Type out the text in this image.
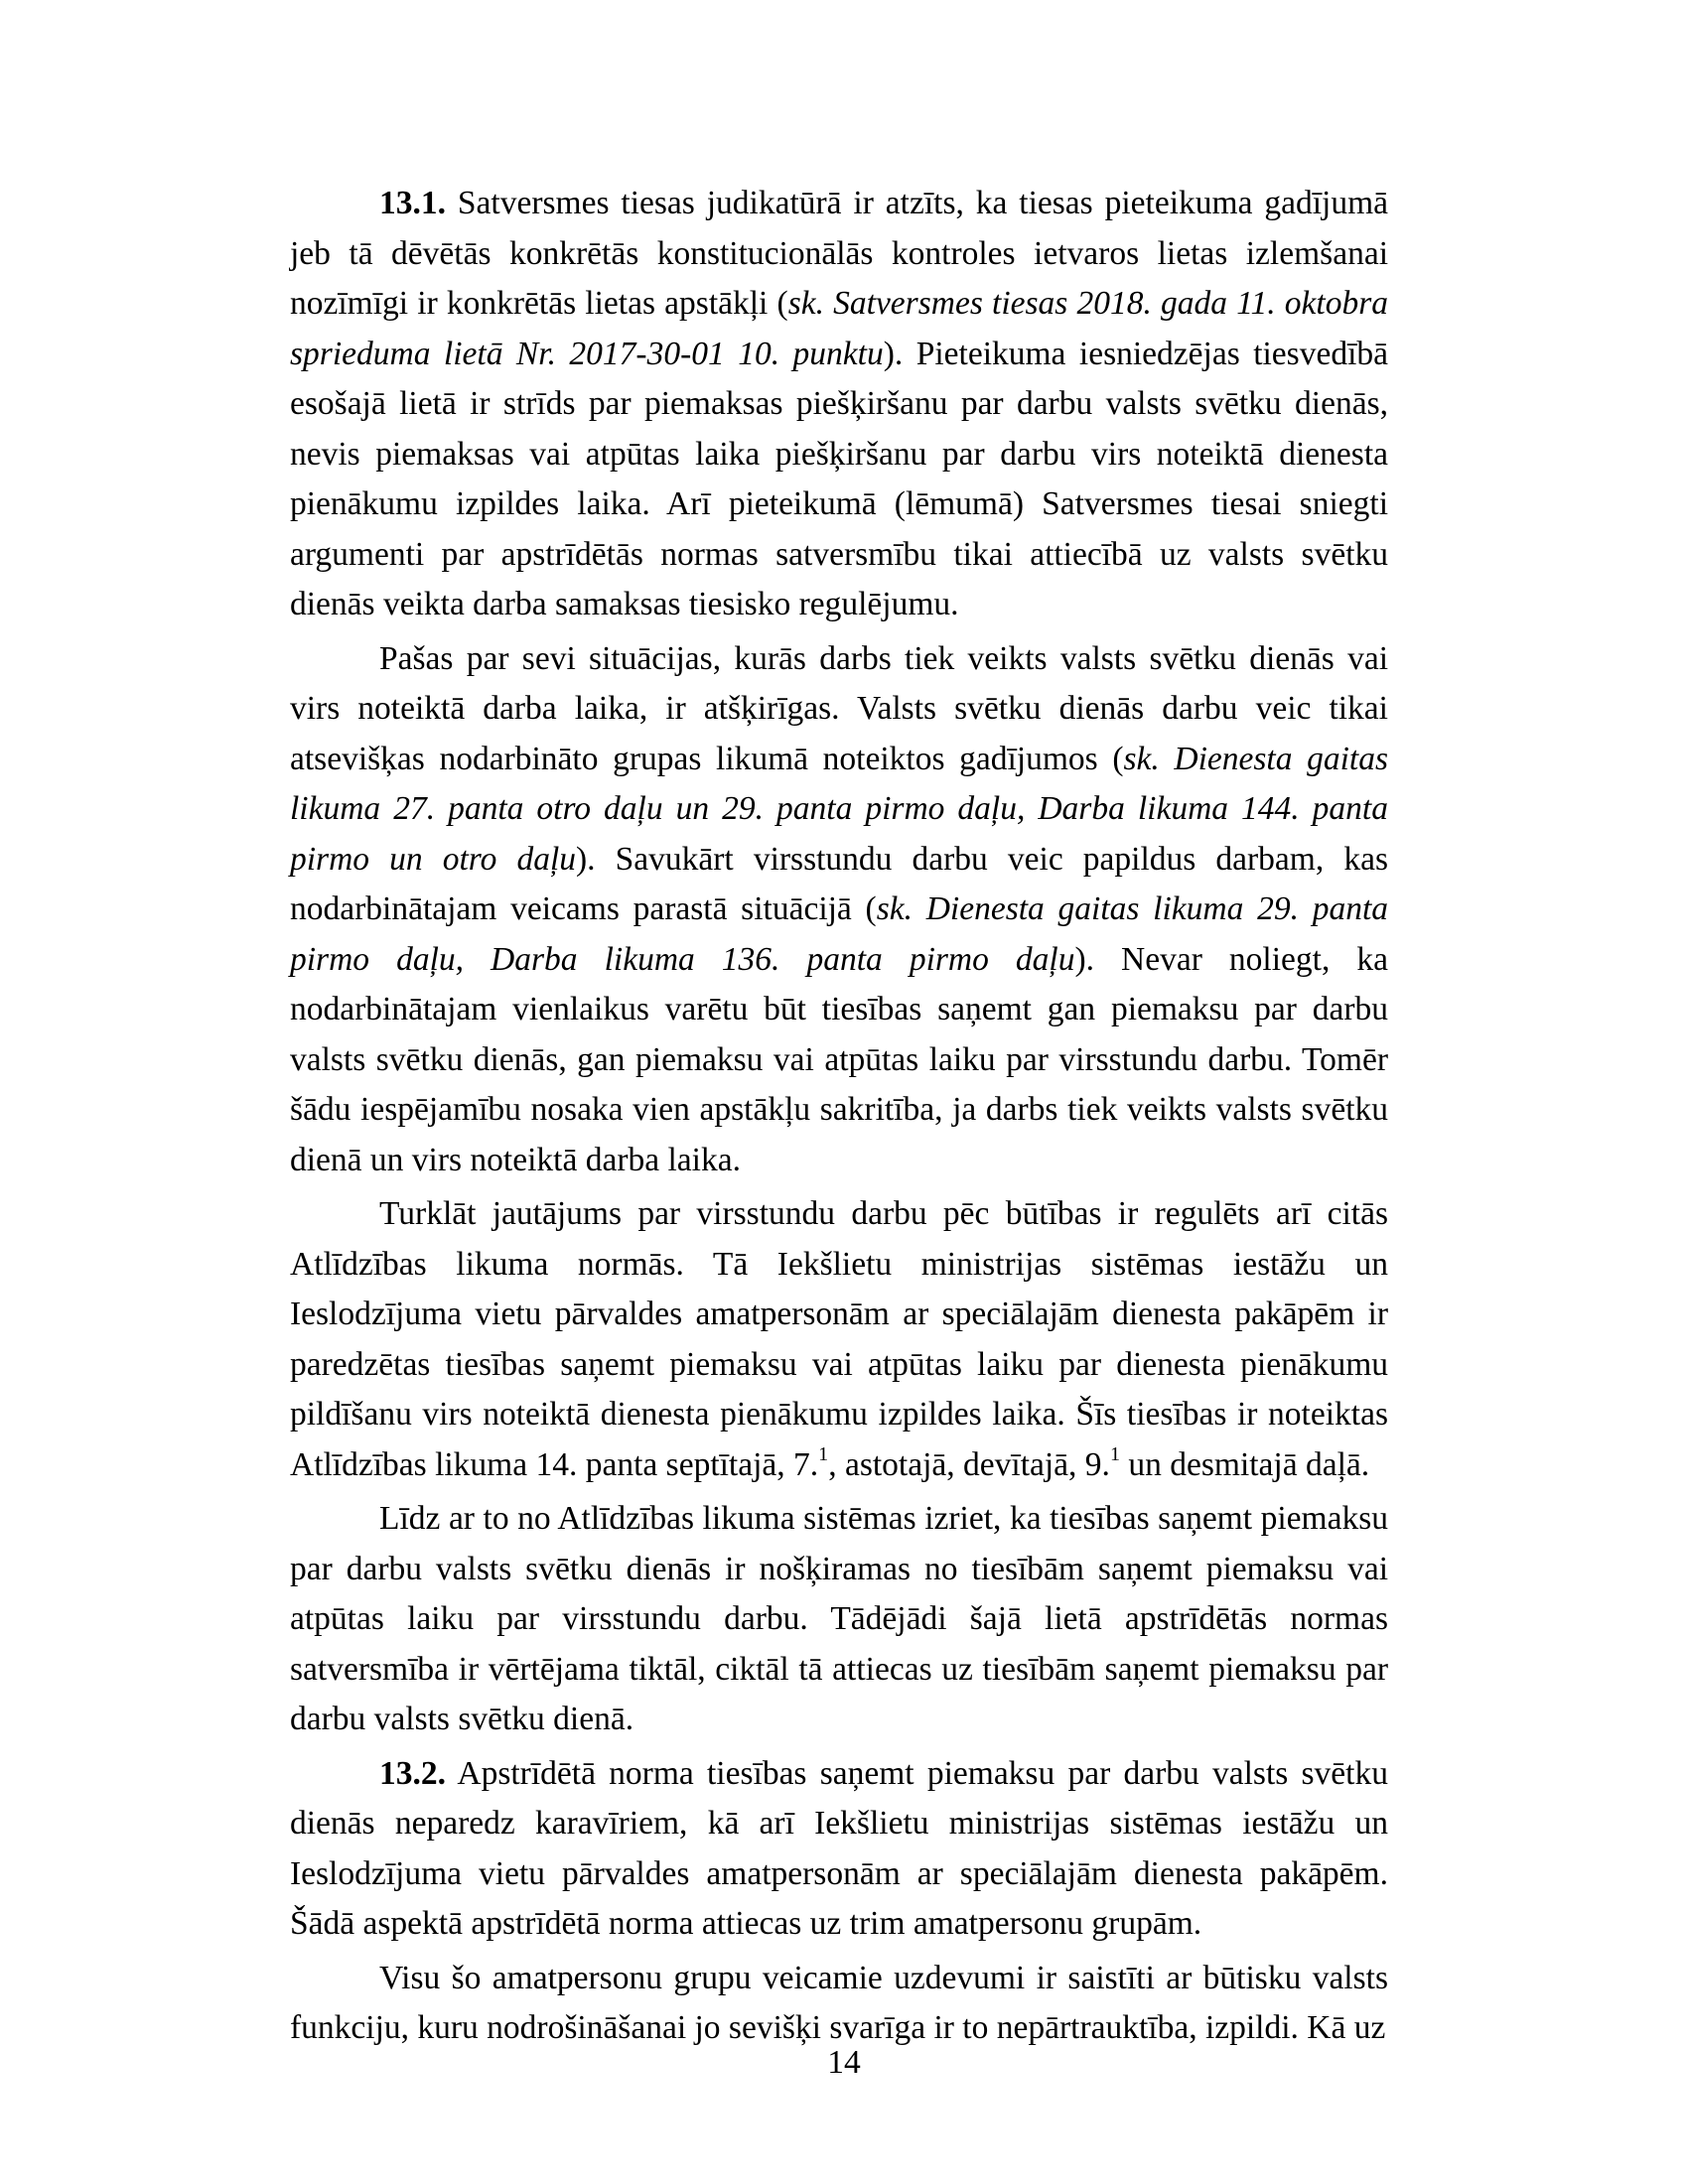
13.1. Satversmes tiesas judikatūrā ir atzīts, ka tiesas pieteikuma gadījumā jeb tā dēvētās konkrētās konstitucionālās kontroles ietvaros lietas izlemšanai nozīmīgi ir konkrētās lietas apstākļi (sk. Satversmes tiesas 2018. gada 11. oktobra sprieduma lietā Nr. 2017-30-01 10. punktu). Pieteikuma iesniedzējas tiesvedībā esošajā lietā ir strīds par piemaksas piešķiršanu par darbu valsts svētku dienās, nevis piemaksas vai atpūtas laika piešķiršanu par darbu virs noteiktā dienesta pienākumu izpildes laika. Arī pieteikumā (lēmumā) Satversmes tiesai sniegti argumenti par apstrīdētās normas satversmību tikai attiecībā uz valsts svētku dienās veikta darba samaksas tiesisko regulējumu.

Pašas par sevi situācijas, kurās darbs tiek veikts valsts svētku dienās vai virs noteiktā darba laika, ir atšķirīgas. Valsts svētku dienās darbu veic tikai atsevišķas nodarbināto grupas likumā noteiktos gadījumos (sk. Dienesta gaitas likuma 27. panta otro daļu un 29. panta pirmo daļu, Darba likuma 144. panta pirmo un otro daļu). Savukārt virsstundu darbu veic papildus darbam, kas nodarbinātajam veicams parastā situācijā (sk. Dienesta gaitas likuma 29. panta pirmo daļu, Darba likuma 136. panta pirmo daļu). Nevar noliegt, ka nodarbinātajam vienlaikus varētu būt tiesības saņemt gan piemaksu par darbu valsts svētku dienās, gan piemaksu vai atpūtas laiku par virsstundu darbu. Tomēr šādu iespējamību nosaka vien apstākļu sakritība, ja darbs tiek veikts valsts svētku dienā un virs noteiktā darba laika.

Turklāt jautājums par virsstundu darbu pēc būtības ir regulēts arī citās Atlīdzības likuma normās. Tā Iekšlietu ministrijas sistēmas iestāžu un Ieslodzījuma vietu pārvaldes amatpersonām ar speciālajām dienesta pakāpēm ir paredzētas tiesības saņemt piemaksu vai atpūtas laiku par dienesta pienākumu pildīšanu virs noteiktā dienesta pienākumu izpildes laika. Šīs tiesības ir noteiktas Atlīdzības likuma 14. panta septītajā, 7.$^1$, astotajā, devītajā, 9.$^1$ un desmitajā daļā.

Līdz ar to no Atlīdzības likuma sistēmas izriet, ka tiesības saņemt piemaksu par darbu valsts svētku dienās ir nošķiramas no tiesībām saņemt piemaksu vai atpūtas laiku par virsstundu darbu. Tādējādi šajā lietā apstrīdētās normas satversmība ir vērtējama tiktāl, ciktāl tā attiecas uz tiesībām saņemt piemaksu par darbu valsts svētku dienā.

13.2. Apstrīdētā norma tiesības saņemt piemaksu par darbu valsts svētku dienās neparedz karavīriem, kā arī Iekšlietu ministrijas sistēmas iestāžu un Ieslodzījuma vietu pārvaldes amatpersonām ar speciālajām dienesta pakāpēm. Šādā aspektā apstrīdētā norma attiecas uz trim amatpersonu grupām.

Visu šo amatpersonu grupu veicamie uzdevumi ir saistīti ar būtisku valsts funkciju, kuru nodrošināšanai jo sevišķi svarīga ir to nepārtrauktība, izpildi. Kā uz

14
